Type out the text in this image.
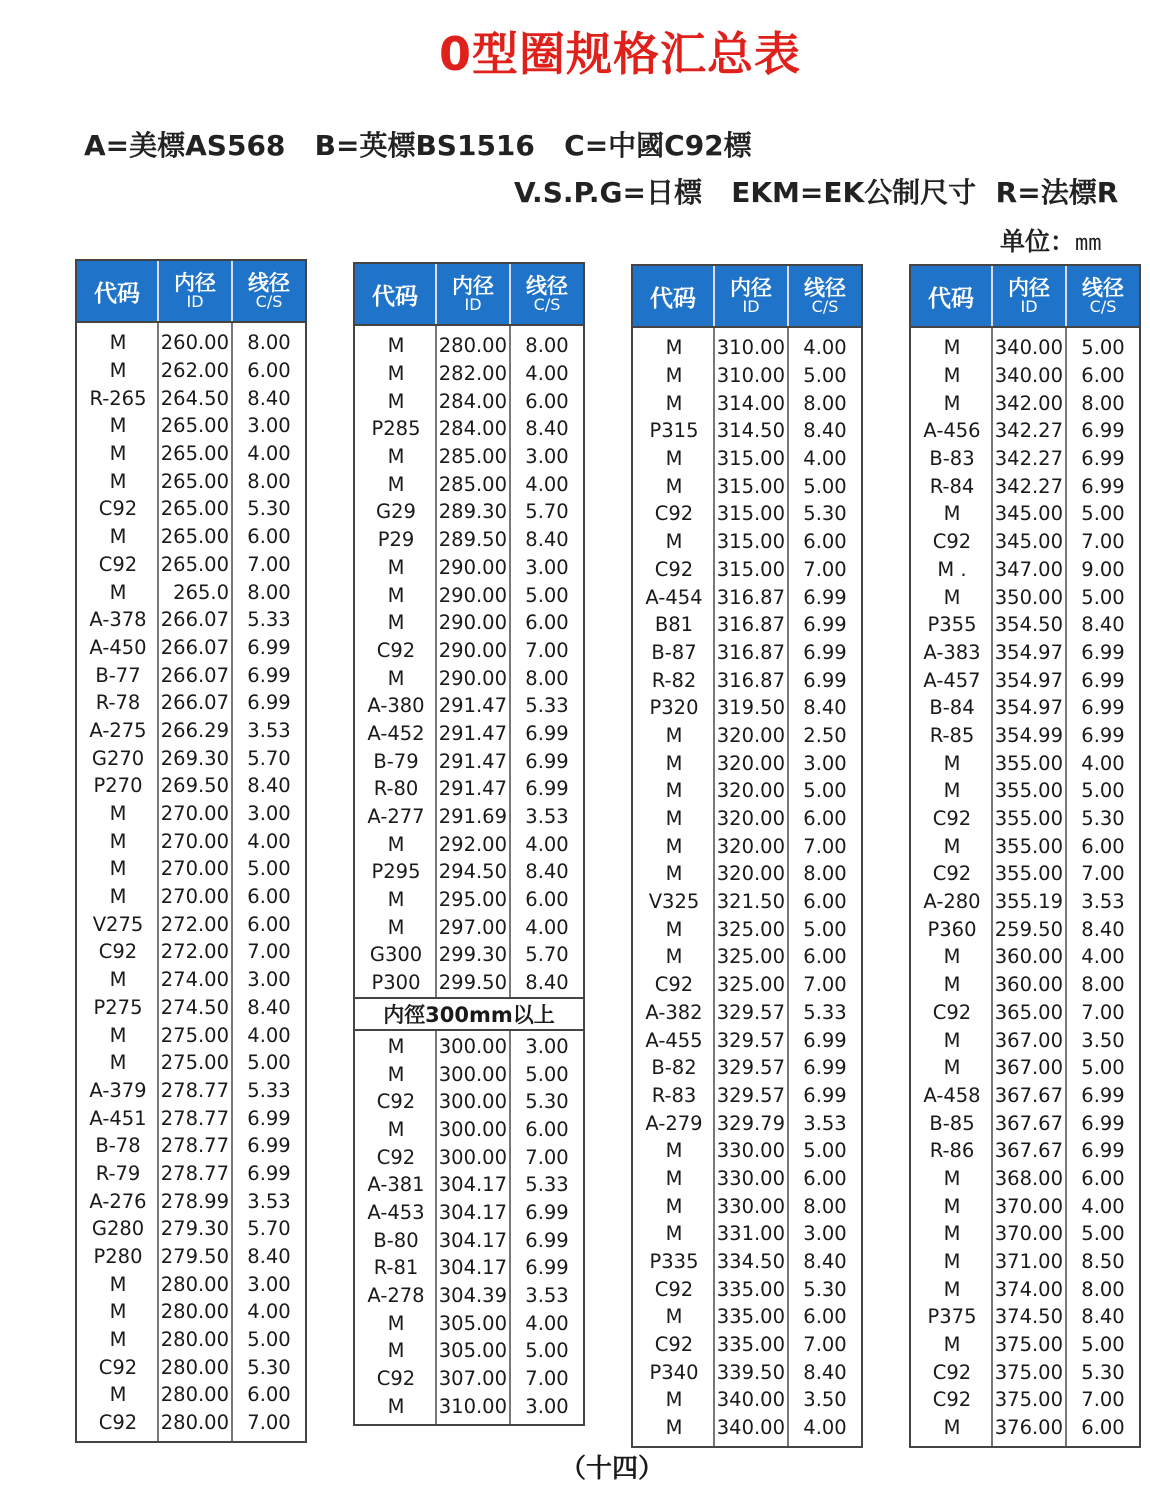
0型圈规格汇总表
A=美標AS568   B=英標BS1516   C=中國C92標
V.S.P.G=日標   EKM=EK公制尺寸  R=法標R
单位：mm
代码 内径
ID
线径
C/S
M	260.00 8.00
M	262.00 6.00
R-265 264.50 8.40
M	265.00 3.00
M	265.00 4.00
M	265.00 8.00
C92	265.00 5.30
M	265.00 6.00
C92	265.00 7.00
M	265.0 8.00
A-378 266.07 5.33
A-450 266.07 6.99
B-77	266.07 6.99
R-78	266.07 6.99
A-275 266.29 3.53
G270 269.30 5.70
P270 269.50 8.40
M	270.00 3.00
M	270.00 4.00
M	270.00 5.00
M	270.00 6.00
V275 272.00 6.00
C92	272.00 7.00
M	274.00 3.00
P275 274.50 8.40
M	275.00 4.00
M	275.00 5.00
A-379 278.77 5.33
A-451 278.77 6.99
B-78	278.77 6.99
R-79	278.77 6.99
A-276 278.99 3.53
G280 279.30 5.70
P280 279.50 8.40
M	280.00 3.00
M	280.00 4.00
M	280.00 5.00
C92	280.00 5.30
M	280.00 6.00
C92	280.00 7.00
代码 内径
ID
线径
C/S
M	280.00 8.00
M	282.00 4.00
M	284.00 6.00
P285 284.00 8.40
M	285.00 3.00
M	285.00 4.00
G29	289.30 5.70
P29	289.50 8.40
M	290.00 3.00
M	290.00 5.00
M	290.00 6.00
C92	290.00 7.00
M	290.00 8.00
A-380 291.47 5.33
A-452 291.47 6.99
B-79	291.47 6.99
R-80	291.47 6.99
A-277 291.69 3.53
M	292.00 4.00
P295 294.50 8.40
M	295.00 6.00
M	297.00 4.00
G300 299.30 5.70
P300 299.50 8.40
内徑300mm以上
M	300.00 3.00
M	300.00 5.00
C92	300.00 5.30
M	300.00 6.00
C92	300.00 7.00
A-381 304.17 5.33
A-453 304.17 6.99
B-80	304.17 6.99
R-81	304.17 6.99
A-278 304.39 3.53
M	305.00 4.00
M	305.00 5.00
C92	307.00 7.00
M	310.00 3.00
代码 内径
ID
线径
C/S
M	310.00 4.00
M	310.00 5.00
M	314.00 8.00
P315 314.50 8.40
M	315.00 4.00
M	315.00 5.00
C92	315.00 5.30
M	315.00 6.00
C92	315.00 7.00
A-454 316.87 6.99
B81	316.87 6.99
B-87	316.87 6.99
R-82	316.87 6.99
P320 319.50 8.40
M	320.00 2.50
M	320.00 3.00
M	320.00 5.00
M	320.00 6.00
M	320.00 7.00
M	320.00 8.00
V325 321.50 6.00
M	325.00 5.00
M	325.00 6.00
C92	325.00 7.00
A-382 329.57 5.33
A-455 329.57 6.99
B-82	329.57 6.99
R-83	329.57 6.99
A-279 329.79 3.53
M	330.00 5.00
M	330.00 6.00
M	330.00 8.00
M	331.00 3.00
P335 334.50 8.40
C92	335.00 5.30
M	335.00 6.00
C92	335.00 7.00
P340 339.50 8.40
M	340.00 3.50
M	340.00 4.00
代码 内径
ID
线径
C/S
M	340.00 5.00
M	340.00 6.00
M	342.00 8.00
A-456 342.27 6.99
B-83	342.27 6.99
R-84	342.27 6.99
M	345.00 5.00
C92	345.00 7.00
M .	347.00 9.00
M	350.00 5.00
P355 354.50 8.40
A-383 354.97 6.99
A-457 354.97 6.99
B-84	354.97 6.99
R-85	354.99 6.99
M	355.00 4.00
M	355.00 5.00
C92	355.00 5.30
M	355.00 6.00
C92	355.00 7.00
A-280 355.19 3.53
P360 259.50 8.40
M	360.00 4.00
M	360.00 8.00
C92	365.00 7.00
M	367.00 3.50
M	367.00 5.00
A-458 367.67 6.99
B-85	367.67 6.99
R-86	367.67 6.99
M	368.00 6.00
M	370.00 4.00
M	370.00 5.00
M	371.00 8.50
M	374.00 8.00
P375 374.50 8.40
M	375.00 5.00
C92	375.00 5.30
C92	375.00 7.00
M	376.00 6.00
（十四）
